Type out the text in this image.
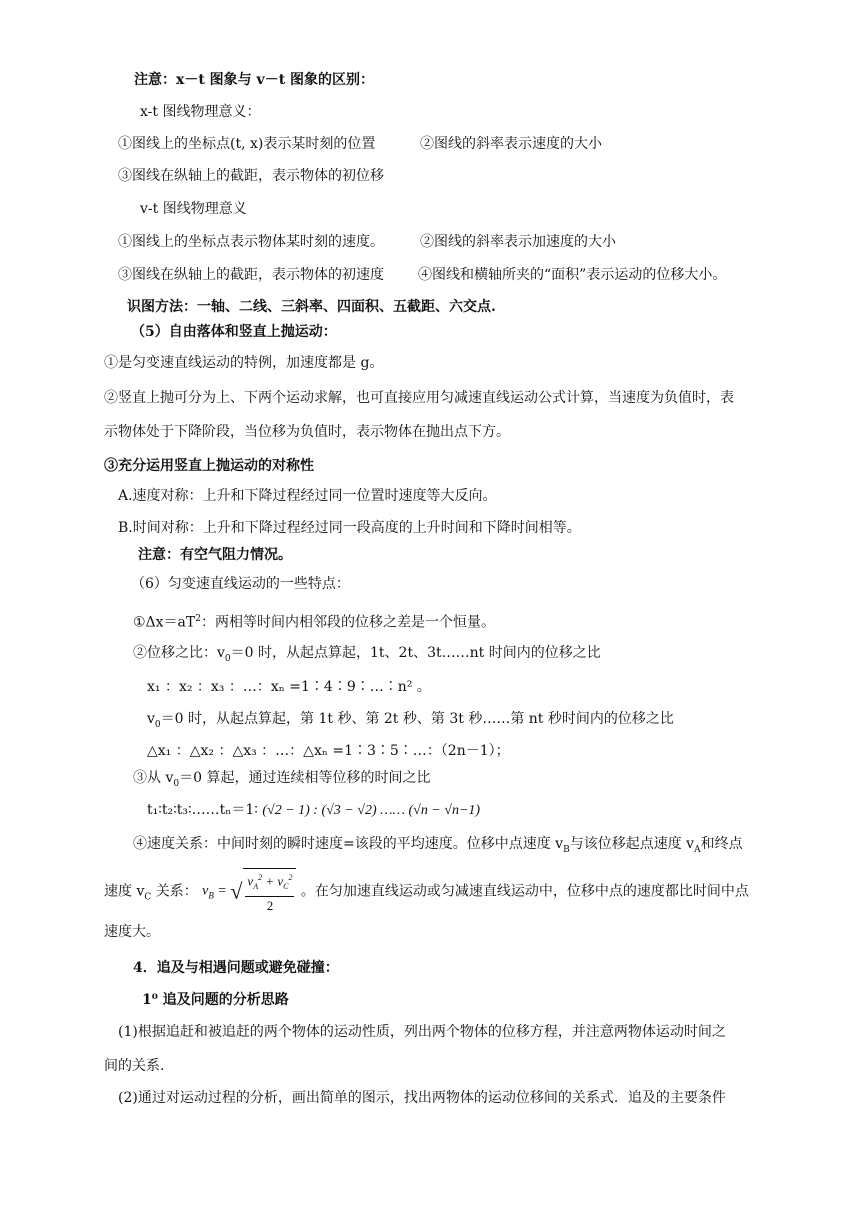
注意：x－t 图象与 v－t 图象的区别：
x-t 图线物理意义：
①图线上的坐标点(t, x)表示某时刻的位置	②图线的斜率表示速度的大小
③图线在纵轴上的截距，表示物体的初位移
v-t 图线物理意义
①图线上的坐标点表示物体某时刻的速度。	②图线的斜率表示加速度的大小
③图线在纵轴上的截距，表示物体的初速度 ④图线和横轴所夹的“面积”表示运动的位移大小。
识图方法：一轴、二线、三斜率、四面积、五截距、六交点.
（5）自由落体和竖直上抛运动：
①是匀变速直线运动的特例，加速度都是 g。
②竖直上抛可分为上、下两个运动求解，也可直接应用匀减速直线运动公式计算，当速度为负值时，表
示物体处于下降阶段，当位移为负值时，表示物体在抛出点下方。
③充分运用竖直上抛运动的对称性
A.速度对称：上升和下降过程经过同一位置时速度等大反向。
B.时间对称：上升和下降过程经过同一段高度的上升时间和下降时间相等。
注意：有空气阻力情况。
（6）匀变速直线运动的一些特点：
$①\Delta x=aT^2$：两相等时间内相邻段的位移之差是一个恒量。
②位移之比：$v_0=0$ 时，从起点算起，1t、2t、3t……nt 时间内的位移之比
x₁ ：x₂ ：x₃ ：…：xₙ =1∶4∶9∶…∶n² 。
$v_0=0$ 时，从起点算起，第 1t 秒、第 2t 秒、第 3t 秒……第 nt 秒时间内的位移之比
△x₁ ：△x₂ ：△x₃ ：…：△xₙ =1∶3∶5∶…：（2n－1）；
③从 $v_0=0$ 算起，通过连续相等位移的时间之比
t₁∶t₂∶t₃∶……tₙ＝1∶ (√2 − 1) : (√3 − √2) …… (√n − √n−1)
④速度关系：中间时刻的瞬时速度=该段的平均速度。位移中点速度 $v_B$与该位移起点速度 $v_A$和终点
速度 $v_C$ 关系： $v_B$ = √ $\frac{v_A^2 + v_C^2}{2}$ 。在匀加速直线运动或匀减速直线运动中，位移中点的速度都比时间中点
速度大。
4．追及与相遇问题或避免碰撞：
1⁰ 追及问题的分析思路
(1)根据追赶和被追赶的两个物体的运动性质，列出两个物体的位移方程，并注意两物体运动时间之
间的关系.
(2)通过对运动过程的分析，画出简单的图示，找出两物体的运动位移间的关系式．追及的主要条件
